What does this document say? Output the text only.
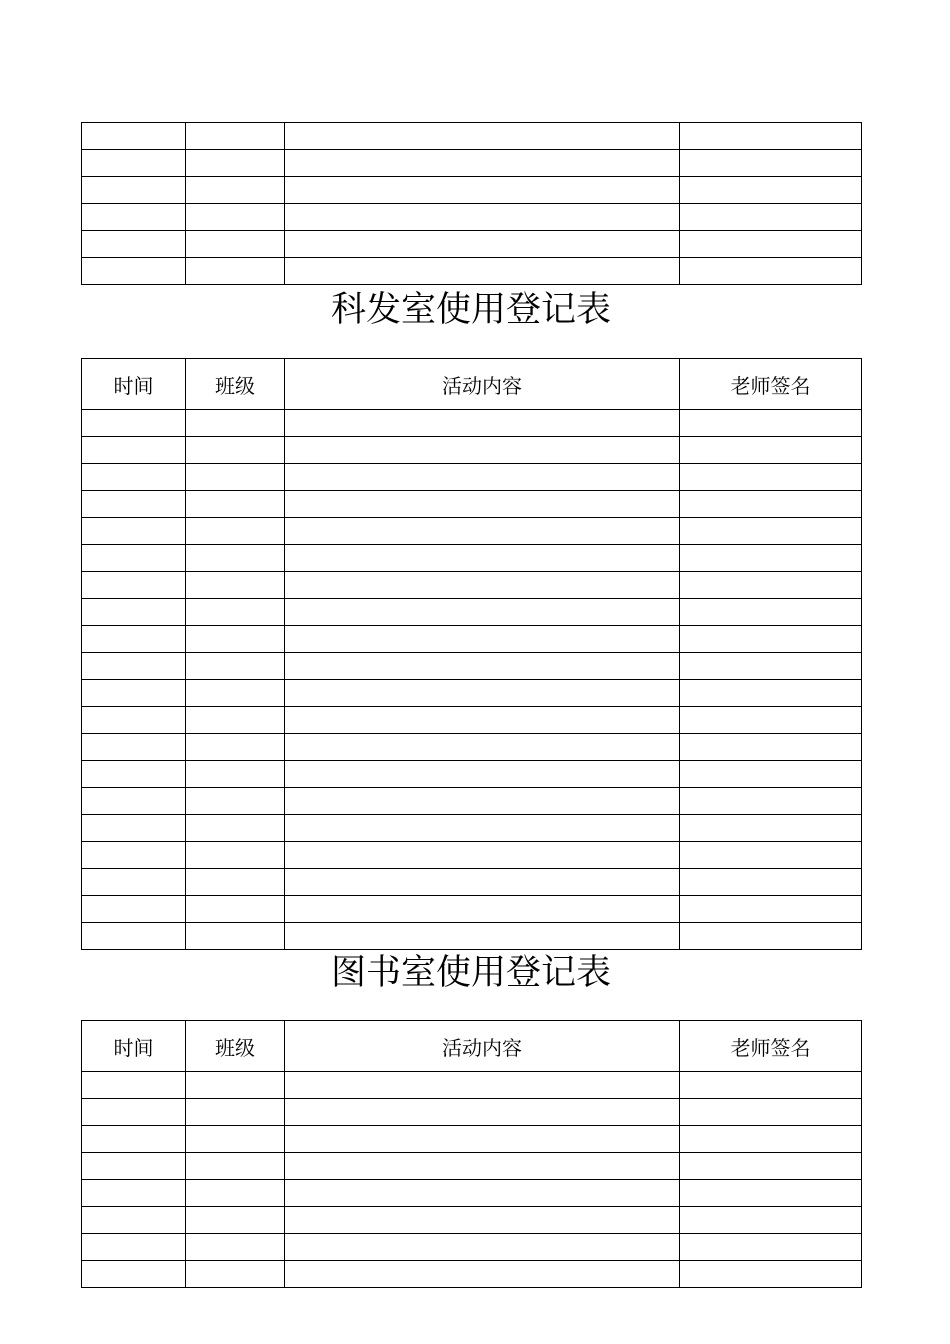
科发室使用登记表
时间	班级	活动内容	老师签名

图书室使用登记表
时间	班级	活动内容	老师签名
